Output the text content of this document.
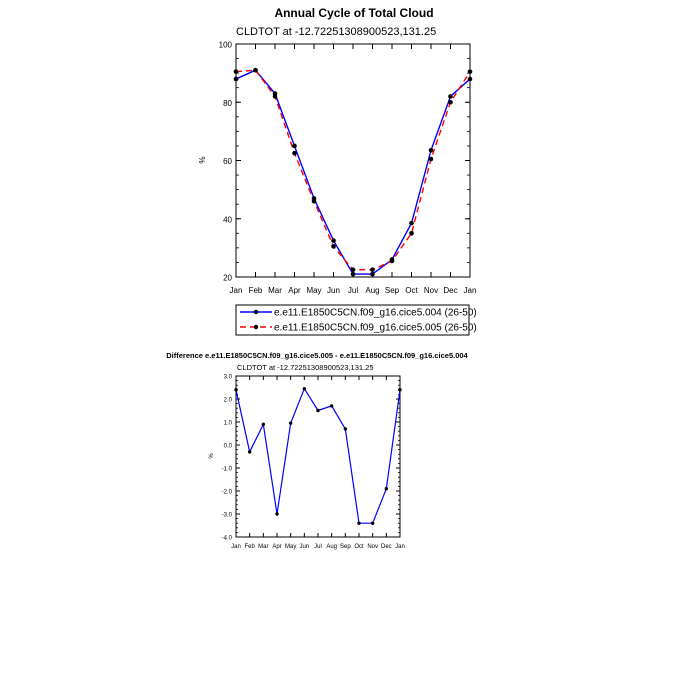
Annual Cycle of Total Cloud
CLDTOT at -12.72251308900523,131.25
%
Jan Feb Mar Apr May Jun Jul Aug Sep Oct Nov Dec Jan
20
40
60
80
100
e.e11.E1850C5CN.f09_g16.cice5.004 (26-50)
e.e11.E1850C5CN.f09_g16.cice5.005 (26-50)
Difference e.e11.E1850C5CN.f09_g16.cice5.005 - e.e11.E1850C5CN.f09_g16.cice5.004
CLDTOT at -12.72251308900523,131.25
%
Jan Feb Mar Apr May Jun Jul Aug Sep Oct Nov Dec Jan
-4.0
-3.0
-2.0
-1.0
0.0
1.0
2.0
3.0
